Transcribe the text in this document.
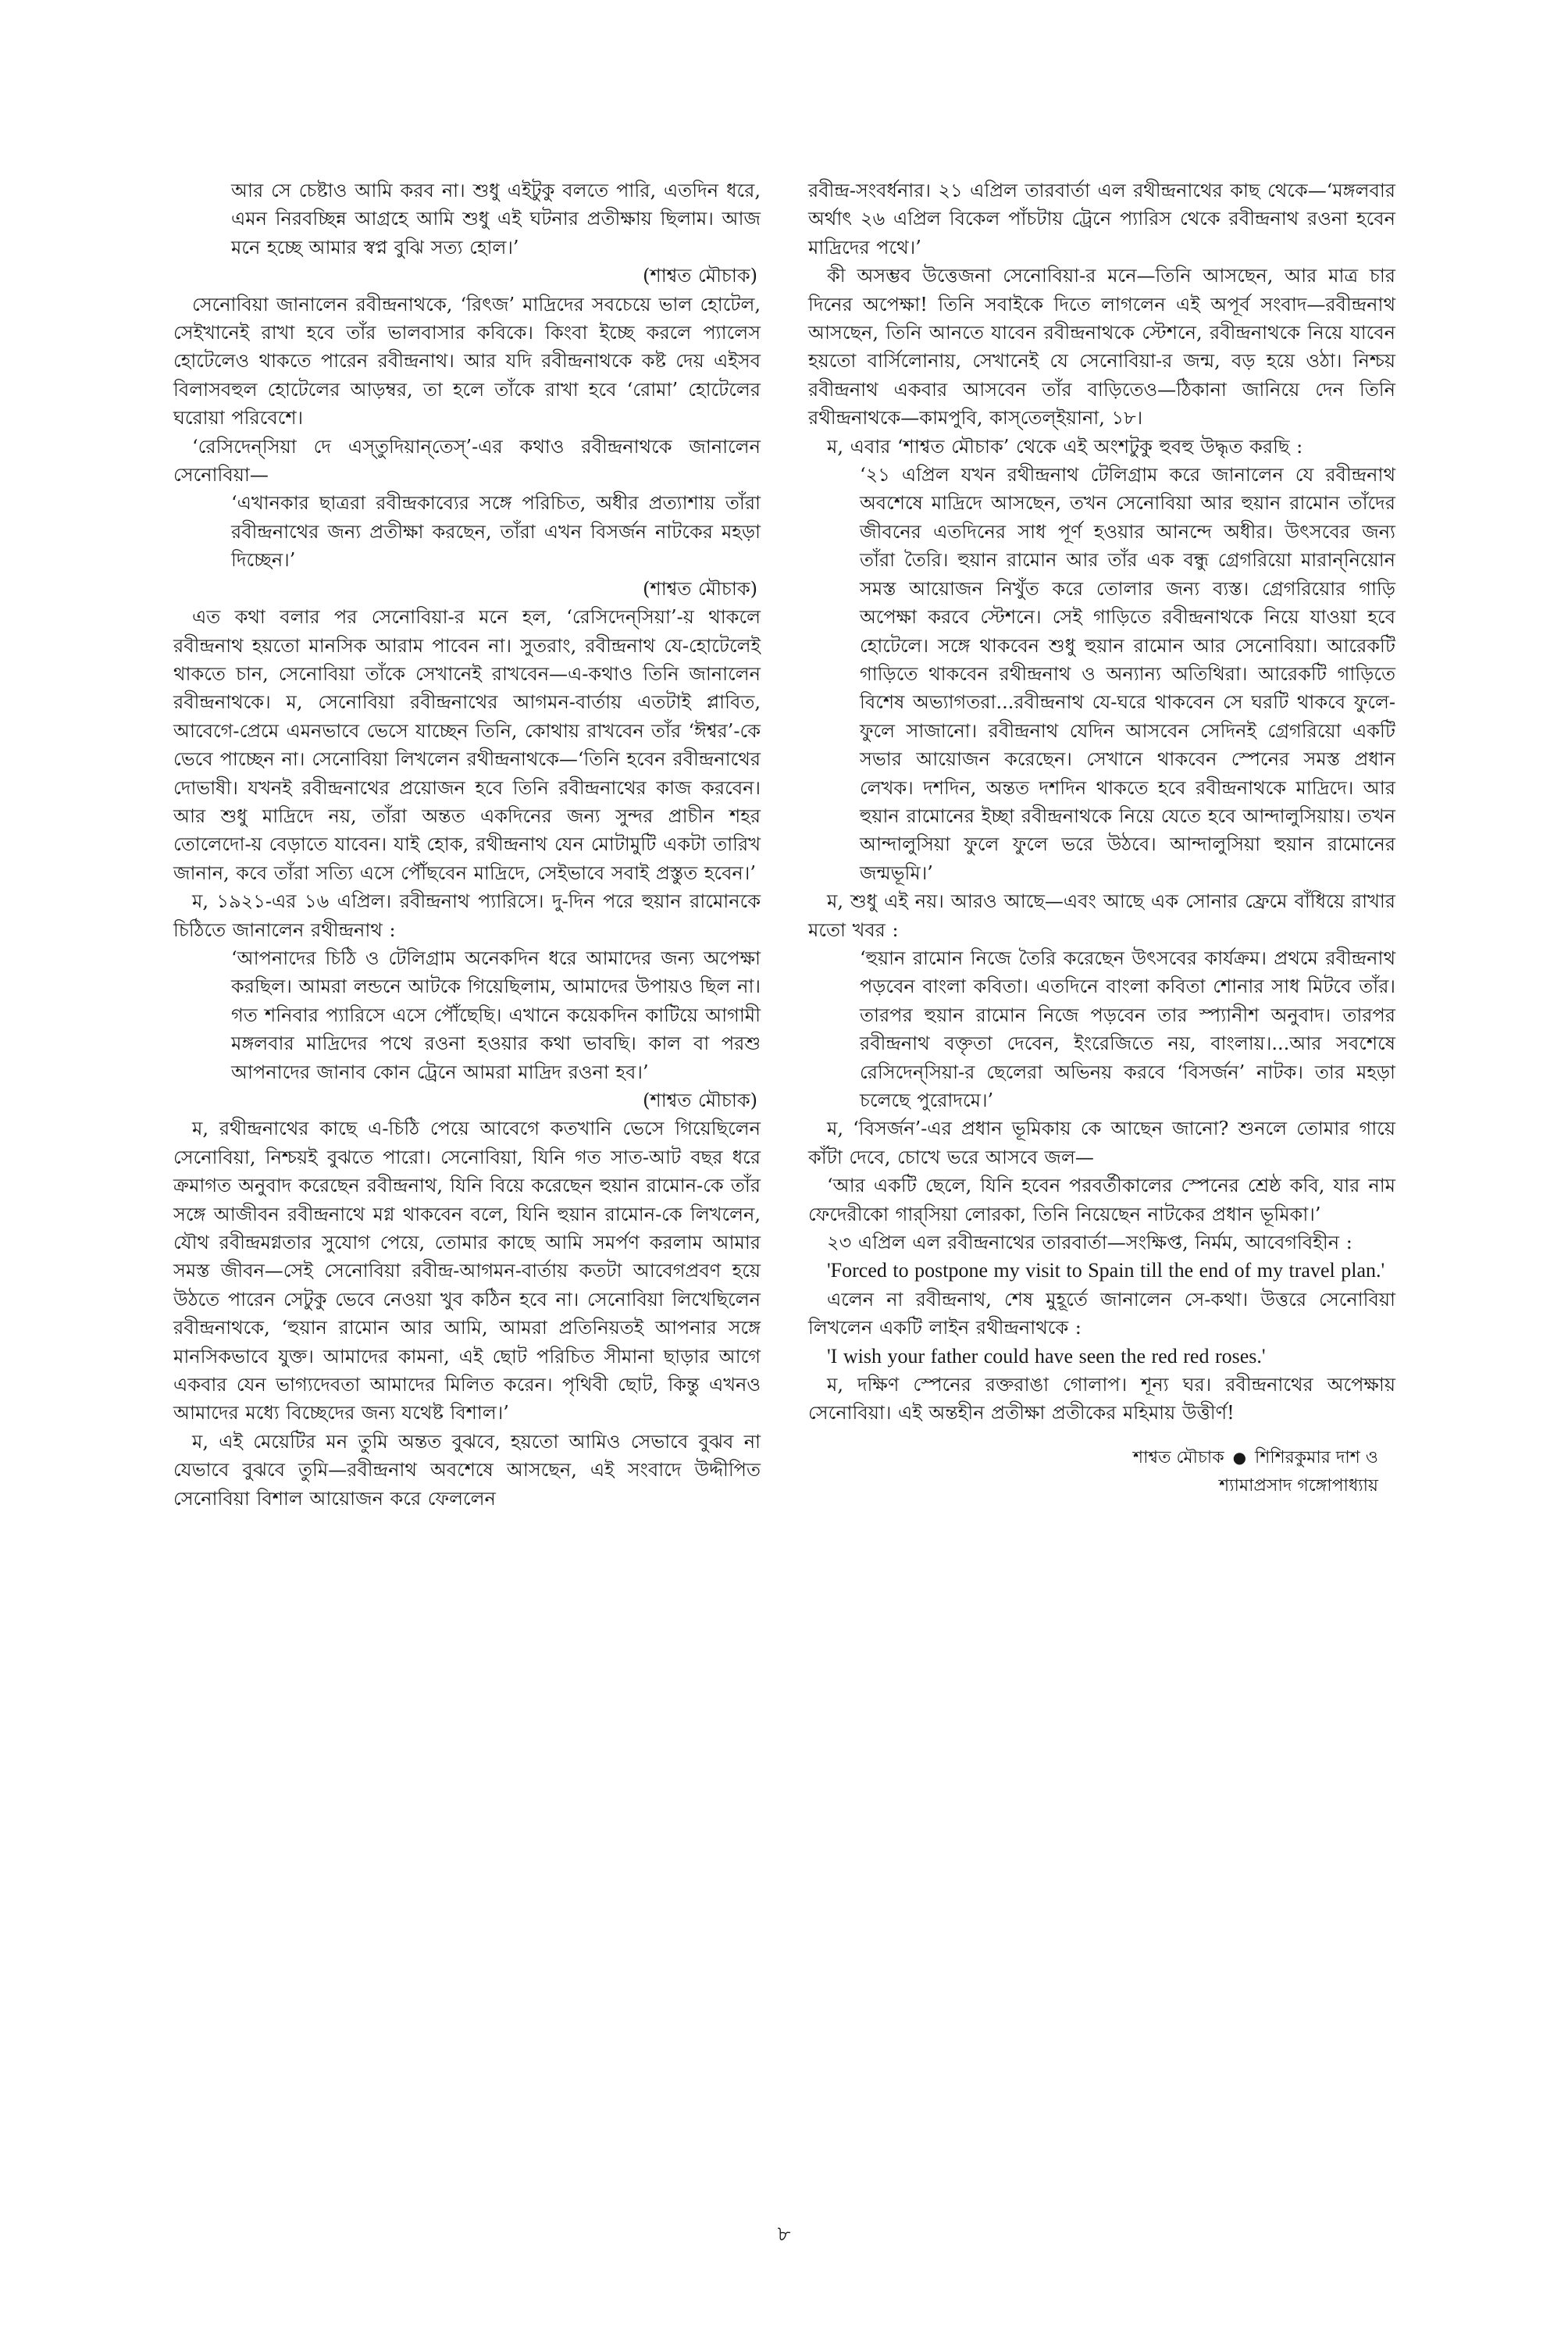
আর সে চেষ্টাও আমি করব না। শুধু এইটুকু বলতে পারি, এতদিন ধরে, এমন নিরবচ্ছিন্ন আগ্রহে আমি শুধু এই ঘটনার প্রতীক্ষায় ছিলাম। আজ মনে হচ্ছে আমার স্বপ্ন বুঝি সত্য হোল।’

(শাশ্বত মৌচাক)

সেনোবিয়া জানালেন রবীন্দ্রনাথকে, ‘রিৎজ’ মাদ্রিদের সবচেয়ে ভাল হোটেল, সেইখানেই রাখা হবে তাঁর ভালবাসার কবিকে। কিংবা ইচ্ছে করলে প্যালেস হোটেলেও থাকতে পারেন রবীন্দ্রনাথ। আর যদি রবীন্দ্রনাথকে কষ্ট দেয় এইসব বিলাসবহুল হোটেলের আড়ম্বর, তা হলে তাঁকে রাখা হবে ‘রোমা’ হোটেলের ঘরোয়া পরিবেশে।

‘রেসিদেন্‌সিয়া দে এস্‌তুদিয়ান্‌তেস্‌’-এর কথাও রবীন্দ্রনাথকে জানালেন সেনোবিয়া—

‘এখানকার ছাত্ররা রবীন্দ্রকাব্যের সঙ্গে পরিচিত, অধীর প্রত্যাশায় তাঁরা রবীন্দ্রনাথের জন্য প্রতীক্ষা করছেন, তাঁরা এখন বিসর্জন নাটকের মহড়া দিচ্ছেন।’

(শাশ্বত মৌচাক)

এত কথা বলার পর সেনোবিয়া-র মনে হল, ‘রেসিদেন্‌সিয়া’-য় থাকলে রবীন্দ্রনাথ হয়তো মানসিক আরাম পাবেন না। সুতরাং, রবীন্দ্রনাথ যে-হোটেলেই থাকতে চান, সেনোবিয়া তাঁকে সেখানেই রাখবেন—এ-কথাও তিনি জানালেন রবীন্দ্রনাথকে। ম, সেনোবিয়া রবীন্দ্রনাথের আগমন-বার্তায় এতটাই প্লাবিত, আবেগে-প্রেমে এমনভাবে ভেসে যাচ্ছেন তিনি, কোথায় রাখবেন তাঁর ‘ঈশ্বর’-কে ভেবে পাচ্ছেন না। সেনোবিয়া লিখলেন রথীন্দ্রনাথকে—‘তিনি হবেন রবীন্দ্রনাথের দোভাষী। যখনই রবীন্দ্রনাথের প্রয়োজন হবে তিনি রবীন্দ্রনাথের কাজ করবেন। আর শুধু মাদ্রিদে নয়, তাঁরা অন্তত একদিনের জন্য সুন্দর প্রাচীন শহর তোলেদো-য় বেড়াতে যাবেন। যাই হোক, রথীন্দ্রনাথ যেন মোটামুটি একটা তারিখ জানান, কবে তাঁরা সত্যি এসে পৌঁছবেন মাদ্রিদে, সেইভাবে সবাই প্রস্তুত হবেন।’

ম, ১৯২১-এর ১৬ এপ্রিল। রবীন্দ্রনাথ প্যারিসে। দু-দিন পরে হুয়ান রামোনকে চিঠিতে জানালেন রথীন্দ্রনাথ :

‘আপনাদের চিঠি ও টেলিগ্রাম অনেকদিন ধরে আমাদের জন্য অপেক্ষা করছিল। আমরা লন্ডনে আটকে গিয়েছিলাম, আমাদের উপায়ও ছিল না। গত শনিবার প্যারিসে এসে পৌঁছেছি। এখানে কয়েকদিন কাটিয়ে আগামী মঙ্গলবার মাদ্রিদের পথে রওনা হওয়ার কথা ভাবছি। কাল বা পরশু আপনাদের জানাব কোন ট্রেনে আমরা মাদ্রিদ রওনা হব।’

(শাশ্বত মৌচাক)

ম, রথীন্দ্রনাথের কাছে এ-চিঠি পেয়ে আবেগে কতখানি ভেসে গিয়েছিলেন সেনোবিয়া, নিশ্চয়ই বুঝতে পারো। সেনোবিয়া, যিনি গত সাত-আট বছর ধরে ক্রমাগত অনুবাদ করেছেন রবীন্দ্রনাথ, যিনি বিয়ে করেছেন হুয়ান রামোন-কে তাঁর সঙ্গে আজীবন রবীন্দ্রনাথে মগ্ন থাকবেন বলে, যিনি হুয়ান রামোন-কে লিখলেন, যৌথ রবীন্দ্রমগ্নতার সুযোগ পেয়ে, তোমার কাছে আমি সমর্পণ করলাম আমার সমস্ত জীবন—সেই সেনোবিয়া রবীন্দ্র-আগমন-বার্তায় কতটা আবেগপ্রবণ হয়ে উঠতে পারেন সেটুকু ভেবে নেওয়া খুব কঠিন হবে না। সেনোবিয়া লিখেছিলেন রবীন্দ্রনাথকে, ‘হুয়ান রামোন আর আমি, আমরা প্রতিনিয়তই আপনার সঙ্গে মানসিকভাবে যুক্ত। আমাদের কামনা, এই ছোট পরিচিত সীমানা ছাড়ার আগে একবার যেন ভাগ্যদেবতা আমাদের মিলিত করেন। পৃথিবী ছোট, কিন্তু এখনও আমাদের মধ্যে বিচ্ছেদের জন্য যথেষ্ট বিশাল।’

ম, এই মেয়েটির মন তুমি অন্তত বুঝবে, হয়তো আমিও সেভাবে বুঝব না যেভাবে বুঝবে তুমি—রবীন্দ্রনাথ অবশেষে আসছেন, এই সংবাদে উদ্দীপিত সেনোবিয়া বিশাল আয়োজন করে ফেললেন

রবীন্দ্র-সংবর্ধনার। ২১ এপ্রিল তারবার্তা এল রথীন্দ্রনাথের কাছ থেকে—‘মঙ্গলবার অর্থাৎ ২৬ এপ্রিল বিকেল পাঁচটায় ট্রেনে প্যারিস থেকে রবীন্দ্রনাথ রওনা হবেন মাদ্রিদের পথে।’

কী অসম্ভব উত্তেজনা সেনোবিয়া-র মনে—তিনি আসছেন, আর মাত্র চার দিনের অপেক্ষা! তিনি সবাইকে দিতে লাগলেন এই অপূর্ব সংবাদ—রবীন্দ্রনাথ আসছেন, তিনি আনতে যাবেন রবীন্দ্রনাথকে স্টেশনে, রবীন্দ্রনাথকে নিয়ে যাবেন হয়তো বার্সিলোনায়, সেখানেই যে সেনোবিয়া-র জন্ম, বড় হয়ে ওঠা। নিশ্চয় রবীন্দ্রনাথ একবার আসবেন তাঁর বাড়িতেও—ঠিকানা জানিয়ে দেন তিনি রথীন্দ্রনাথকে—কামপুবি, কাস্‌তেল্‌ইয়ানা, ১৮।

ম, এবার ‘শাশ্বত মৌচাক’ থেকে এই অংশটুকু হুবহু উদ্ধৃত করছি :

‘২১ এপ্রিল যখন রথীন্দ্রনাথ টেলিগ্রাম করে জানালেন যে রবীন্দ্রনাথ অবশেষে মাদ্রিদে আসছেন, তখন সেনোবিয়া আর হুয়ান রামোন তাঁদের জীবনের এতদিনের সাধ পূর্ণ হওয়ার আনন্দে অধীর। উৎসবের জন্য তাঁরা তৈরি। হুয়ান রামোন আর তাঁর এক বন্ধু গ্রেগরিয়ো মারান্‌নিয়োন সমস্ত আয়োজন নিখুঁত করে তোলার জন্য ব্যস্ত। গ্রেগরিয়োর গাড়ি অপেক্ষা করবে স্টেশনে। সেই গাড়িতে রবীন্দ্রনাথকে নিয়ে যাওয়া হবে হোটেলে। সঙ্গে থাকবেন শুধু হুয়ান রামোন আর সেনোবিয়া। আরেকটি গাড়িতে থাকবেন রথীন্দ্রনাথ ও অন্যান্য অতিথিরা। আরেকটি গাড়িতে বিশেষ অভ্যাগতরা...রবীন্দ্রনাথ যে-ঘরে থাকবেন সে ঘরটি থাকবে ফুলে-ফুলে সাজানো। রবীন্দ্রনাথ যেদিন আসবেন সেদিনই গ্রেগরিয়ো একটি সভার আয়োজন করেছেন। সেখানে থাকবেন স্পেনের সমস্ত প্রধান লেখক। দশদিন, অন্তত দশদিন থাকতে হবে রবীন্দ্রনাথকে মাদ্রিদে। আর হুয়ান রামোনের ইচ্ছা রবীন্দ্রনাথকে নিয়ে যেতে হবে আন্দালুসিয়ায়। তখন আন্দালুসিয়া ফুলে ফুলে ভরে উঠবে। আন্দালুসিয়া হুয়ান রামোনের জন্মভূমি।’

ম, শুধু এই নয়। আরও আছে—এবং আছে এক সোনার ফ্রেমে বাঁধিয়ে রাখার মতো খবর :

‘হুয়ান রামোন নিজে তৈরি করেছেন উৎসবের কার্যক্রম। প্রথমে রবীন্দ্রনাথ পড়বেন বাংলা কবিতা। এতদিনে বাংলা কবিতা শোনার সাধ মিটবে তাঁর। তারপর হুয়ান রামোন নিজে পড়বেন তার স্প্যানীশ অনুবাদ। তারপর রবীন্দ্রনাথ বক্তৃতা দেবেন, ইংরেজিতে নয়, বাংলায়।...আর সবশেষে রেসিদেন্‌সিয়া-র ছেলেরা অভিনয় করবে ‘বিসর্জন’ নাটক। তার মহড়া চলেছে পুরোদমে।’

ম, ‘বিসর্জন’-এর প্রধান ভূমিকায় কে আছেন জানো? শুনলে তোমার গায়ে কাঁটা দেবে, চোখে ভরে আসবে জল—

‘আর একটি ছেলে, যিনি হবেন পরবর্তীকালের স্পেনের শ্রেষ্ঠ কবি, যার নাম ফেদেরীকো গার্‌সিয়া লোরকা, তিনি নিয়েছেন নাটকের প্রধান ভূমিকা।’

২৩ এপ্রিল এল রবীন্দ্রনাথের তারবার্তা—সংক্ষিপ্ত, নির্মম, আবেগবিহীন :

'Forced to postpone my visit to Spain till the end of my travel plan.'

এলেন না রবীন্দ্রনাথ, শেষ মুহূর্তে জানালেন সে-কথা। উত্তরে সেনোবিয়া লিখলেন একটি লাইন রথীন্দ্রনাথকে :

'I wish your father could have seen the red red roses.'

ম, দক্ষিণ স্পেনের রক্তরাঙা গোলাপ। শূন্য ঘর। রবীন্দ্রনাথের অপেক্ষায় সেনোবিয়া। এই অন্তহীন প্রতীক্ষা প্রতীকের মহিমায় উত্তীর্ণ!

শাশ্বত মৌচাক ● শিশিরকুমার দাশ ও
শ্যামাপ্রসাদ গঙ্গোপাধ্যায়
৮
